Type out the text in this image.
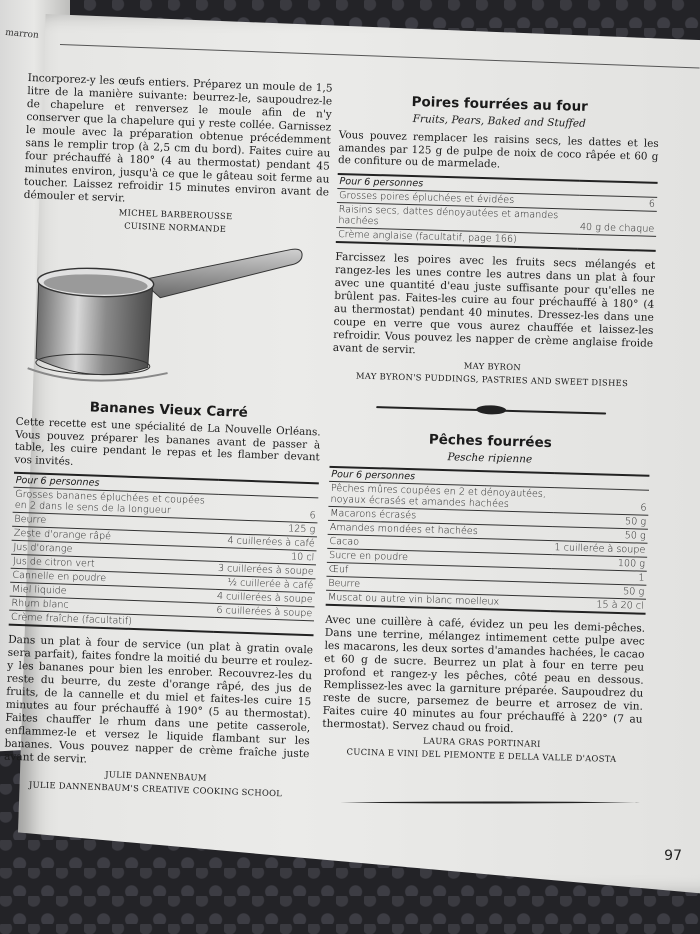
marron

Incorporez-y les œufs entiers. Préparez un moule de 1,5 litre de la manière suivante: beurrez-le, saupoudrez-le de chapelure et renversez le moule afin de n'y conserver que la chapelure qui y reste collée. Garnissez le moule avec la préparation obtenue précédemment sans le remplir trop (à 2,5 cm du bord). Faites cuire au four préchauffé à 180° (4 au thermostat) pendant 45 minutes environ, jusqu'à ce que le gâteau soit ferme au toucher. Laissez refroidir 15 minutes environ avant de démouler et servir.

MICHEL BARBEROUSSE

CUISINE NORMANDE

Bananes Vieux Carré

Cette recette est une spécialité de La Nouvelle Orléans. Vous pouvez préparer les bananes avant de passer à table, les cuire pendant le repas et les flamber devant vos invités.

Pour 6 personnes	
Grosses bananes épluchées et coupées en 2 dans le sens de la longueur	6
Beurre	125 g
Zeste d'orange râpé	4 cuillerées à café
Jus d'orange	10 cl
Jus de citron vert	3 cuillerées à soupe
Cannelle en poudre	½ cuillerée à café
Miel liquide	4 cuillerées à soupe
Rhum blanc	6 cuillerées à soupe
Crème fraîche (facultatif)	

Dans un plat à four de service (un plat à gratin ovale sera parfait), faites fondre la moitié du beurre et roulez-y les bananes pour bien les enrober. Recouvrez-les du reste du beurre, du zeste d'orange râpé, des jus de fruits, de la cannelle et du miel et faites-les cuire 15 minutes au four préchauffé à 190° (5 au thermostat). Faites chauffer le rhum dans une petite casserole, enflammez-le et versez le liquide flambant sur les bananes. Vous pouvez napper de crème fraîche juste avant de servir.

JULIE DANNENBAUM

JULIE DANNENBAUM'S CREATIVE COOKING SCHOOL

Poires fourrées au four

Fruits, Pears, Baked and Stuffed

Vous pouvez remplacer les raisins secs, les dattes et les amandes par 125 g de pulpe de noix de coco râpée et 60 g de confiture ou de marmelade.

Pour 6 personnes	
Grosses poires épluchées et évidées	6
Raisins secs, dattes dénoyautées et amandes hachées	40 g de chaque
Crème anglaise (facultatif, page 166)	

Farcissez les poires avec les fruits secs mélangés et rangez-les les unes contre les autres dans un plat à four avec une quantité d'eau juste suffisante pour qu'elles ne brûlent pas. Faites-les cuire au four préchauffé à 180° (4 au thermostat) pendant 40 minutes. Dressez-les dans une coupe en verre que vous aurez chauffée et laissez-les refroidir. Vous pouvez les napper de crème anglaise froide avant de servir.

MAY BYRON

MAY BYRON'S PUDDINGS, PASTRIES AND SWEET DISHES

Pêches fourrées

Pesche ripienne

Pour 6 personnes	
Pêches mûres coupées en 2 et dénoyautées, noyaux écrasés et amandes hachées	6
Macarons écrasés	50 g
Amandes mondées et hachées	50 g
Cacao	1 cuillerée à soupe
Sucre en poudre	100 g
Œuf	1
Beurre	50 g
Muscat ou autre vin blanc moelleux	15 à 20 cl

Avec une cuillère à café, évidez un peu les demi-pêches. Dans une terrine, mélangez intimement cette pulpe avec les macarons, les deux sortes d'amandes hachées, le cacao et 60 g de sucre. Beurrez un plat à four en terre peu profond et rangez-y les pêches, côté peau en dessous. Remplissez-les avec la garniture préparée. Saupoudrez du reste de sucre, parsemez de beurre et arrosez de vin. Faites cuire 40 minutes au four préchauffé à 220° (7 au thermostat). Servez chaud ou froid.

LAURA GRAS PORTINARI

CUCINA E VINI DEL PIEMONTE E DELLA VALLE D'AOSTA

97
